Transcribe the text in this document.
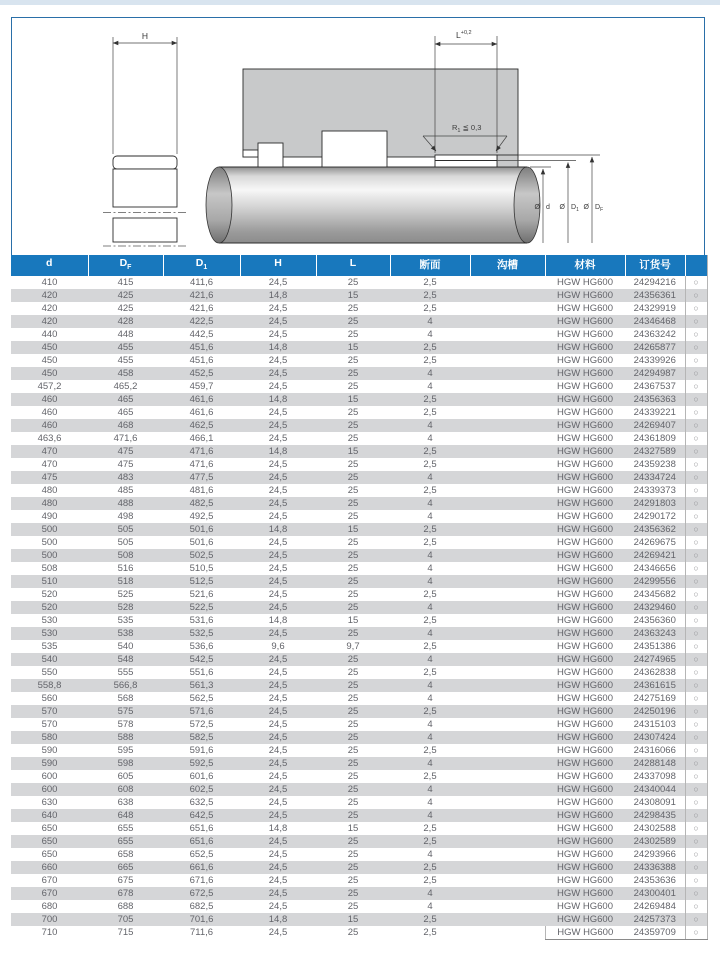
H	$L^{+0,2}$
$R_1$ ≦ 0,3
Ø d Ø $D_1$ Ø $D_F$
d	$D_F$	$D_1$	H	L	断面	沟槽	材料	订货号	
410	415	411,6	24,5	25	2,5		HGW HG600	24294216	○
420	425	421,6	14,8	15	2,5		HGW HG600	24356361	○
420	425	421,6	24,5	25	2,5		HGW HG600	24329919	○
420	428	422,5	24,5	25	4		HGW HG600	24346468	○
440	448	442,5	24,5	25	4		HGW HG600	24363242	○
450	455	451,6	14,8	15	2,5		HGW HG600	24265877	○
450	455	451,6	24,5	25	2,5		HGW HG600	24339926	○
450	458	452,5	24,5	25	4		HGW HG600	24294987	○
457,2	465,2	459,7	24,5	25	4		HGW HG600	24367537	○
460	465	461,6	14,8	15	2,5		HGW HG600	24356363	○
460	465	461,6	24,5	25	2,5		HGW HG600	24339221	○
460	468	462,5	24,5	25	4		HGW HG600	24269407	○
463,6	471,6	466,1	24,5	25	4		HGW HG600	24361809	○
470	475	471,6	14,8	15	2,5		HGW HG600	24327589	○
470	475	471,6	24,5	25	2,5		HGW HG600	24359238	○
475	483	477,5	24,5	25	4		HGW HG600	24334724	○
480	485	481,6	24,5	25	2,5		HGW HG600	24339373	○
480	488	482,5	24,5	25	4		HGW HG600	24291803	○
490	498	492,5	24,5	25	4		HGW HG600	24290172	○
500	505	501,6	14,8	15	2,5		HGW HG600	24356362	○
500	505	501,6	24,5	25	2,5		HGW HG600	24269675	○
500	508	502,5	24,5	25	4		HGW HG600	24269421	○
508	516	510,5	24,5	25	4		HGW HG600	24346656	○
510	518	512,5	24,5	25	4		HGW HG600	24299556	○
520	525	521,6	24,5	25	2,5		HGW HG600	24345682	○
520	528	522,5	24,5	25	4		HGW HG600	24329460	○
530	535	531,6	14,8	15	2,5		HGW HG600	24356360	○
530	538	532,5	24,5	25	4		HGW HG600	24363243	○
535	540	536,6	9,6	9,7	2,5		HGW HG600	24351386	○
540	548	542,5	24,5	25	4		HGW HG600	24274965	○
550	555	551,6	24,5	25	2,5		HGW HG600	24362838	○
558,8	566,8	561,3	24,5	25	4		HGW HG600	24361615	○
560	568	562,5	24,5	25	4		HGW HG600	24275169	○
570	575	571,6	24,5	25	2,5		HGW HG600	24250196	○
570	578	572,5	24,5	25	4		HGW HG600	24315103	○
580	588	582,5	24,5	25	4		HGW HG600	24307424	○
590	595	591,6	24,5	25	2,5		HGW HG600	24316066	○
590	598	592,5	24,5	25	4		HGW HG600	24288148	○
600	605	601,6	24,5	25	2,5		HGW HG600	24337098	○
600	608	602,5	24,5	25	4		HGW HG600	24340044	○
630	638	632,5	24,5	25	4		HGW HG600	24308091	○
640	648	642,5	24,5	25	4		HGW HG600	24298435	○
650	655	651,6	14,8	15	2,5		HGW HG600	24302588	○
650	655	651,6	24,5	25	2,5		HGW HG600	24302589	○
650	658	652,5	24,5	25	4		HGW HG600	24293966	○
660	665	661,6	24,5	25	2,5		HGW HG600	24336388	○
670	675	671,6	24,5	25	2,5		HGW HG600	24353636	○
670	678	672,5	24,5	25	4		HGW HG600	24300401	○
680	688	682,5	24,5	25	4		HGW HG600	24269484	○
700	705	701,6	14,8	15	2,5		HGW HG600	24257373	○
710	715	711,6	24,5	25	2,5		HGW HG600	24359709	○
